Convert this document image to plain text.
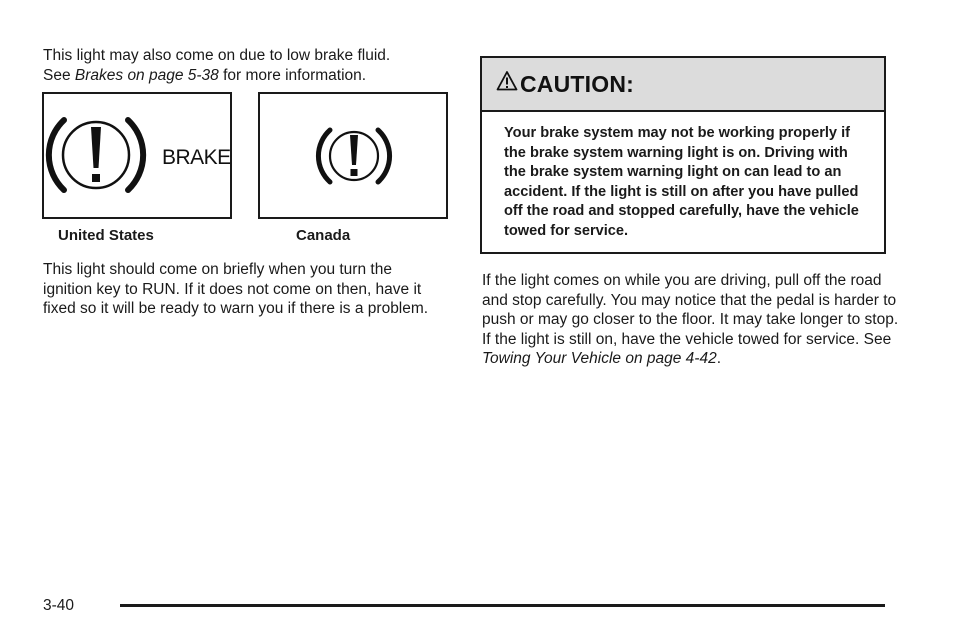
This light may also come on due to low brake fluid.
See Brakes on page 5-38 for more information.
BRAKE
United States	Canada
This light should come on briefly when you turn the ignition key to RUN. If it does not come on then, have it fixed so it will be ready to warn you if there is a problem.
CAUTION:
Your brake system may not be working properly if the brake system warning light is on. Driving with the brake system warning light on can lead to an accident. If the light is still on after you have pulled off the road and stopped carefully, have the vehicle towed for service.
If the light comes on while you are driving, pull off the road and stop carefully. You may notice that the pedal is harder to push or may go closer to the floor. It may take longer to stop. If the light is still on, have the vehicle towed for service. See Towing Your Vehicle on page 4-42.
3-40
